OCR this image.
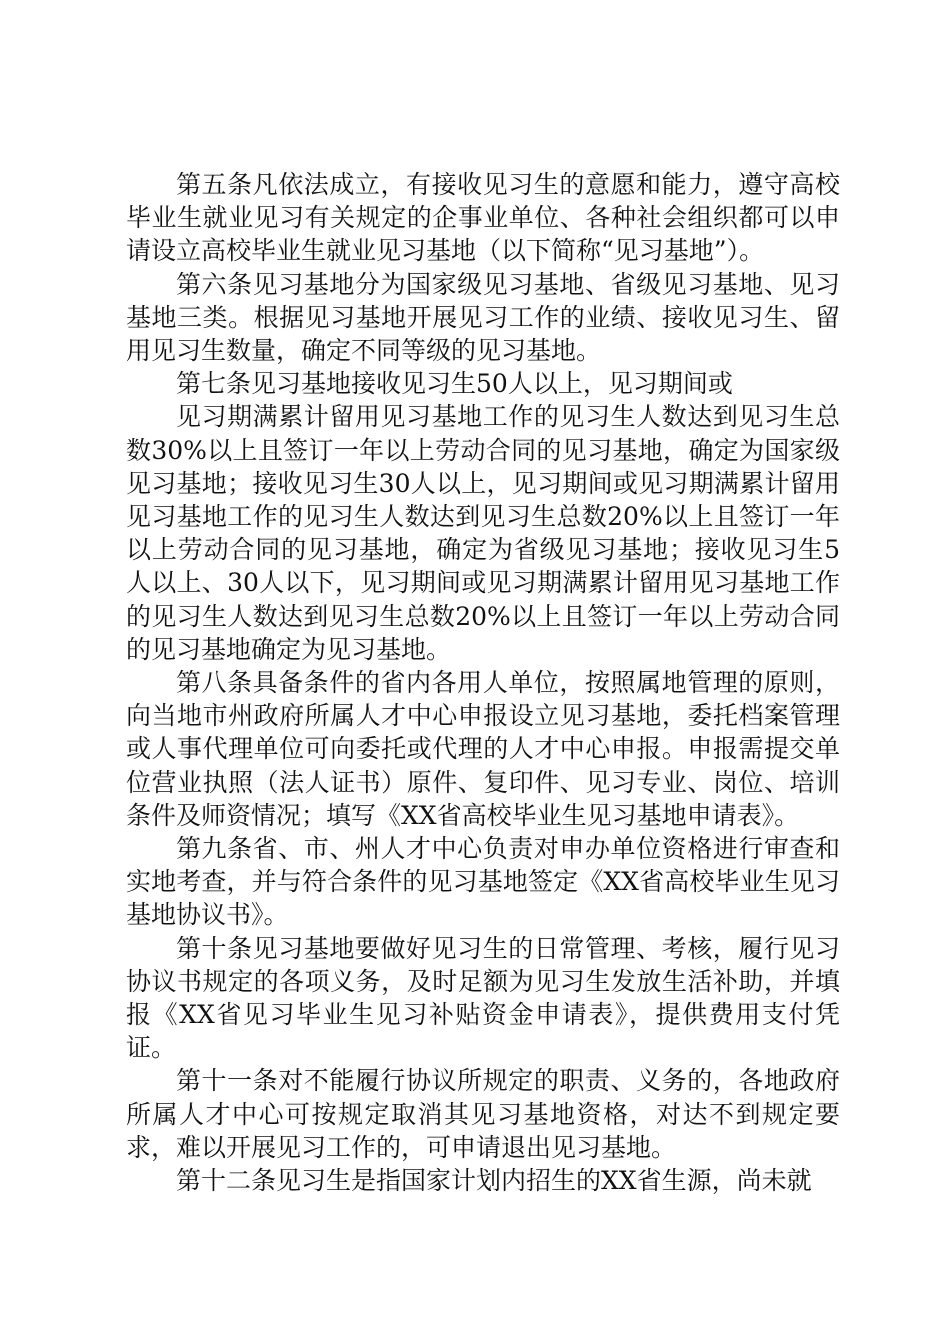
第五条凡依法成立，有接收见习生的意愿和能力，遵守高校毕业生就业见习有关规定的企事业单位、各种社会组织都可以申请设立高校毕业生就业见习基地（以下简称“见习基地”）。

第六条见习基地分为国家级见习基地、省级见习基地、见习基地三类。根据见习基地开展见习工作的业绩、接收见习生、留用见习生数量，确定不同等级的见习基地。

第七条见习基地接收见习生50人以上，见习期间或

见习期满累计留用见习基地工作的见习生人数达到见习生总数30%以上且签订一年以上劳动合同的见习基地，确定为国家级见习基地；接收见习生30人以上，见习期间或见习期满累计留用见习基地工作的见习生人数达到见习生总数20%以上且签订一年以上劳动合同的见习基地，确定为省级见习基地；接收见习生5人以上、30人以下，见习期间或见习期满累计留用见习基地工作的见习生人数达到见习生总数20%以上且签订一年以上劳动合同的见习基地确定为见习基地。

第八条具备条件的省内各用人单位，按照属地管理的原则，向当地市州政府所属人才中心申报设立见习基地，委托档案管理或人事代理单位可向委托或代理的人才中心申报。申报需提交单位营业执照（法人证书）原件、复印件、见习专业、岗位、培训条件及师资情况；填写《XX省高校毕业生见习基地申请表》。

第九条省、市、州人才中心负责对申办单位资格进行审查和实地考查，并与符合条件的见习基地签定《XX省高校毕业生见习基地协议书》。

第十条见习基地要做好见习生的日常管理、考核，履行见习协议书规定的各项义务，及时足额为见习生发放生活补助，并填报《XX省见习毕业生见习补贴资金申请表》，提供费用支付凭证。

第十一条对不能履行协议所规定的职责、义务的，各地政府所属人才中心可按规定取消其见习基地资格，对达不到规定要求，难以开展见习工作的，可申请退出见习基地。

第十二条见习生是指国家计划内招生的XX省生源，尚未就
